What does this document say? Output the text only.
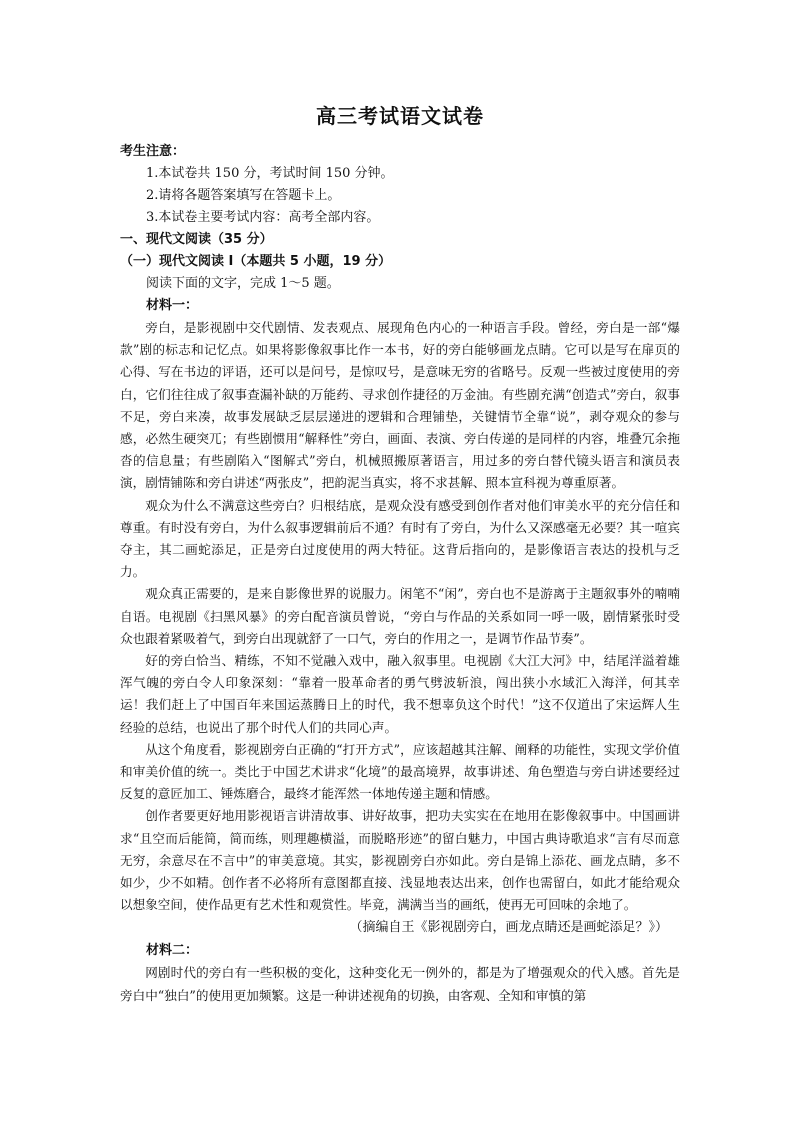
高三考试语文试卷
考生注意：
1.本试卷共 150 分，考试时间 150 分钟。
2.请将各题答案填写在答题卡上。
3.本试卷主要考试内容：高考全部内容。
一、现代文阅读（35 分）
（一）现代文阅读 I（本题共 5 小题，19 分）
阅读下面的文字，完成 1～5 题。
材料一：

旁白，是影视剧中交代剧情、发表观点、展现角色内心的一种语言手段。曾经，旁白是一部“爆款”剧的标志和记忆点。如果将影像叙事比作一本书，好的旁白能够画龙点睛。它可以是写在扉页的心得、写在书边的评语，还可以是问号，是惊叹号，是意味无穷的省略号。反观一些被过度使用的旁白，它们往往成了叙事查漏补缺的万能药、寻求创作捷径的万金油。有些剧充满“创造式”旁白，叙事不足，旁白来凑，故事发展缺乏层层递进的逻辑和合理铺垫，关键情节全靠“说”，剥夺观众的参与感，必然生硬突兀；有些剧惯用“解释性”旁白，画面、表演、旁白传递的是同样的内容，堆叠冗余拖沓的信息量；有些剧陷入“图解式”旁白，机械照搬原著语言，用过多的旁白替代镜头语言和演员表演，剧情铺陈和旁白讲述“两张皮”，把韵泥当真实，将不求甚解、照本宣科视为尊重原著。

观众为什么不满意这些旁白？归根结底，是观众没有感受到创作者对他们审美水平的充分信任和尊重。有时没有旁白，为什么叙事逻辑前后不通？有时有了旁白，为什么又深感毫无必要？其一喧宾夺主，其二画蛇添足，正是旁白过度使用的两大特征。这背后指向的，是影像语言表达的投机与乏力。

观众真正需要的，是来自影像世界的说服力。闲笔不“闲”，旁白也不是游离于主题叙事外的喃喃自语。电视剧《扫黑风暴》的旁白配音演员曾说，“旁白与作品的关系如同一呼一吸，剧情紧张时受众也跟着紧吸着气，到旁白出现就舒了一口气，旁白的作用之一，是调节作品节奏”。

好的旁白恰当、精练，不知不觉融入戏中，融入叙事里。电视剧《大江大河》中，结尾洋溢着雄浑气魄的旁白令人印象深刻：“靠着一股革命者的勇气劈波斩浪，闯出狭小水域汇入海洋，何其幸运！我们赶上了中国百年来国运蒸腾日上的时代，我不想辜负这个时代！”这不仅道出了宋运辉人生经验的总结，也说出了那个时代人们的共同心声。

从这个角度看，影视剧旁白正确的“打开方式”，应该超越其注解、阐释的功能性，实现文学价值和审美价值的统一。类比于中国艺术讲求“化境”的最高境界，故事讲述、角色塑造与旁白讲述要经过反复的意匠加工、锤炼磨合，最终才能浑然一体地传递主题和情感。

创作者要更好地用影视语言讲清故事、讲好故事，把功夫实实在在地用在影像叙事中。中国画讲求“且空而后能简，简而练，则理趣横溢，而脱略形迹”的留白魅力，中国古典诗歌追求“言有尽而意无穷，余意尽在不言中”的审美意境。其实，影视剧旁白亦如此。旁白是锦上添花、画龙点睛，多不如少，少不如精。创作者不必将所有意图都直接、浅显地表达出来，创作也需留白，如此才能给观众以想象空间，使作品更有艺术性和观赏性。毕竟，满满当当的画纸，使再无可回味的余地了。

（摘编自王《影视剧旁白，画龙点睛还是画蛇添足？》）
材料二：

网剧时代的旁白有一些积极的变化，这种变化无一例外的，都是为了增强观众的代入感。首先是旁白中“独白”的使用更加频繁。这是一种讲述视角的切换，由客观、全知和审慎的第
